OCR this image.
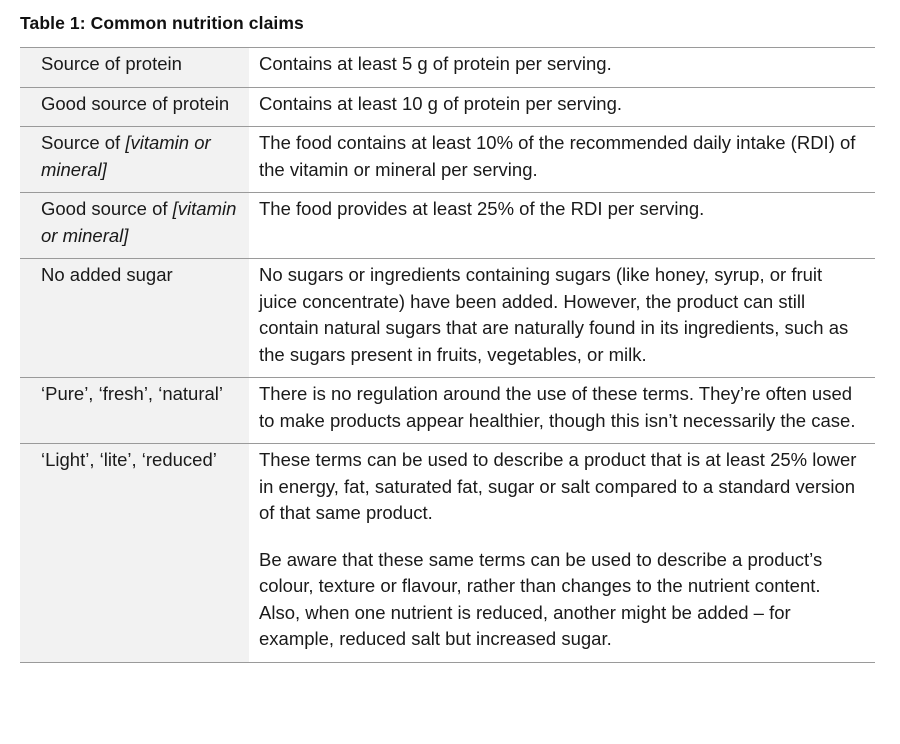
Table 1: Common nutrition claims
Source of protein	Contains at least 5 g of protein per serving.

Good source of protein	Contains at least 10 g of protein per serving.

Source of [vitamin or mineral]	The food contains at least 10% of the recommended daily intake (RDI) of the vitamin or mineral per serving.

Good source of [vitamin or mineral]	The food provides at least 25% of the RDI per serving.

No added sugar	No sugars or ingredients containing sugars (like honey, syrup, or fruit juice concentrate) have been added. However, the product can still contain natural sugars that are naturally found in its ingredients, such as the sugars present in fruits, vegetables, or milk.

‘Pure’, ‘fresh’, ‘natural’	There is no regulation around the use of these terms. They’re often used to make products appear healthier, though this isn’t necessarily the case.

‘Light’, ‘lite’, ‘reduced’	These terms can be used to describe a product that is at least 25% lower in energy, fat, saturated fat, sugar or salt compared to a standard version of that same product.

Be aware that these same terms can be used to describe a product’s colour, texture or flavour, rather than changes to the nutrient content. Also, when one nutrient is reduced, another might be added – for example, reduced salt but increased sugar.
